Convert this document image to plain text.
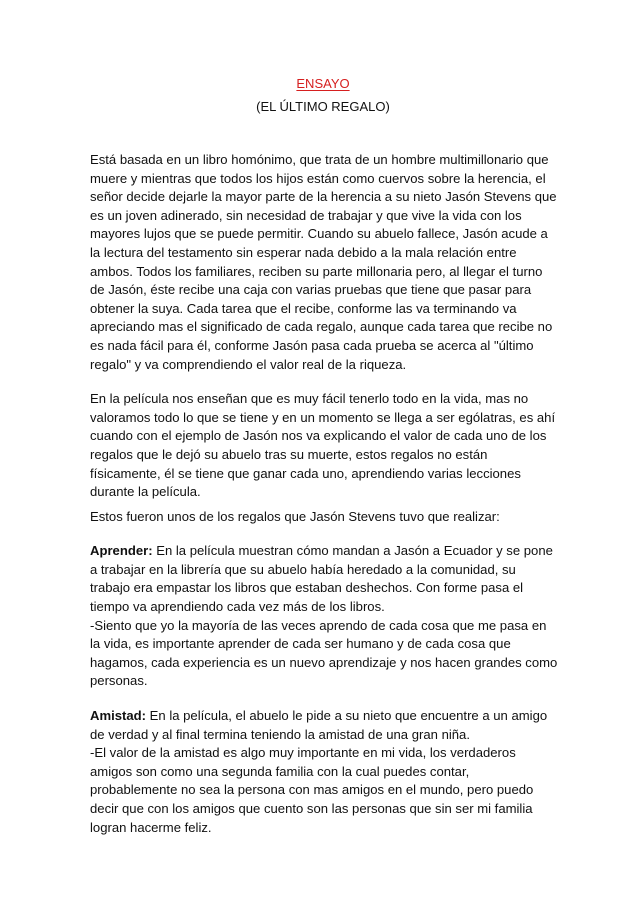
ENSAYO
(EL ÚLTIMO REGALO)

Está basada en un libro homónimo, que trata de un hombre multimillonario que muere y mientras que todos los hijos están como cuervos sobre la herencia, el señor decide dejarle la mayor parte de la herencia a su nieto Jasón Stevens que es un joven adinerado, sin necesidad de trabajar y que vive la vida con los mayores lujos que se puede permitir. Cuando su abuelo fallece, Jasón acude a la lectura del testamento sin esperar nada debido a la mala relación entre ambos. Todos los familiares, reciben su parte millonaria pero, al llegar el turno de Jasón, éste recibe una caja con varias pruebas que tiene que pasar para obtener la suya. Cada tarea que el recibe, conforme las va terminando va apreciando mas el significado de cada regalo, aunque cada tarea que recibe no es nada fácil para él, conforme Jasón pasa cada prueba se acerca al "último regalo" y va comprendiendo el valor real de la riqueza.

En la película nos enseñan que es muy fácil tenerlo todo en la vida, mas no valoramos todo lo que se tiene y en un momento se llega a ser ególatras, es ahí cuando con el ejemplo de Jasón nos va explicando el valor de cada uno de los regalos que le dejó su abuelo tras su muerte, estos regalos no están físicamente, él se tiene que ganar cada uno, aprendiendo varias lecciones durante la película.

Estos fueron unos de los regalos que Jasón Stevens tuvo que realizar:

Aprender: En la película muestran cómo mandan a Jasón a Ecuador y se pone a trabajar en la librería que su abuelo había heredado a la comunidad, su trabajo era empastar los libros que estaban deshechos. Con forme pasa el tiempo va aprendiendo cada vez más de los libros.

-Siento que yo la mayoría de las veces aprendo de cada cosa que me pasa en la vida, es importante aprender de cada ser humano y de cada cosa que hagamos, cada experiencia es un nuevo aprendizaje y nos hacen grandes como personas.

Amistad: En la película, el abuelo le pide a su nieto que encuentre a un amigo de verdad y al final termina teniendo la amistad de una gran niña.

-El valor de la amistad es algo muy importante en mi vida, los verdaderos amigos son como una segunda familia con la cual puedes contar, probablemente no sea la persona con mas amigos en el mundo, pero puedo decir que con los amigos que cuento son las personas que sin ser mi familia logran hacerme feliz.
